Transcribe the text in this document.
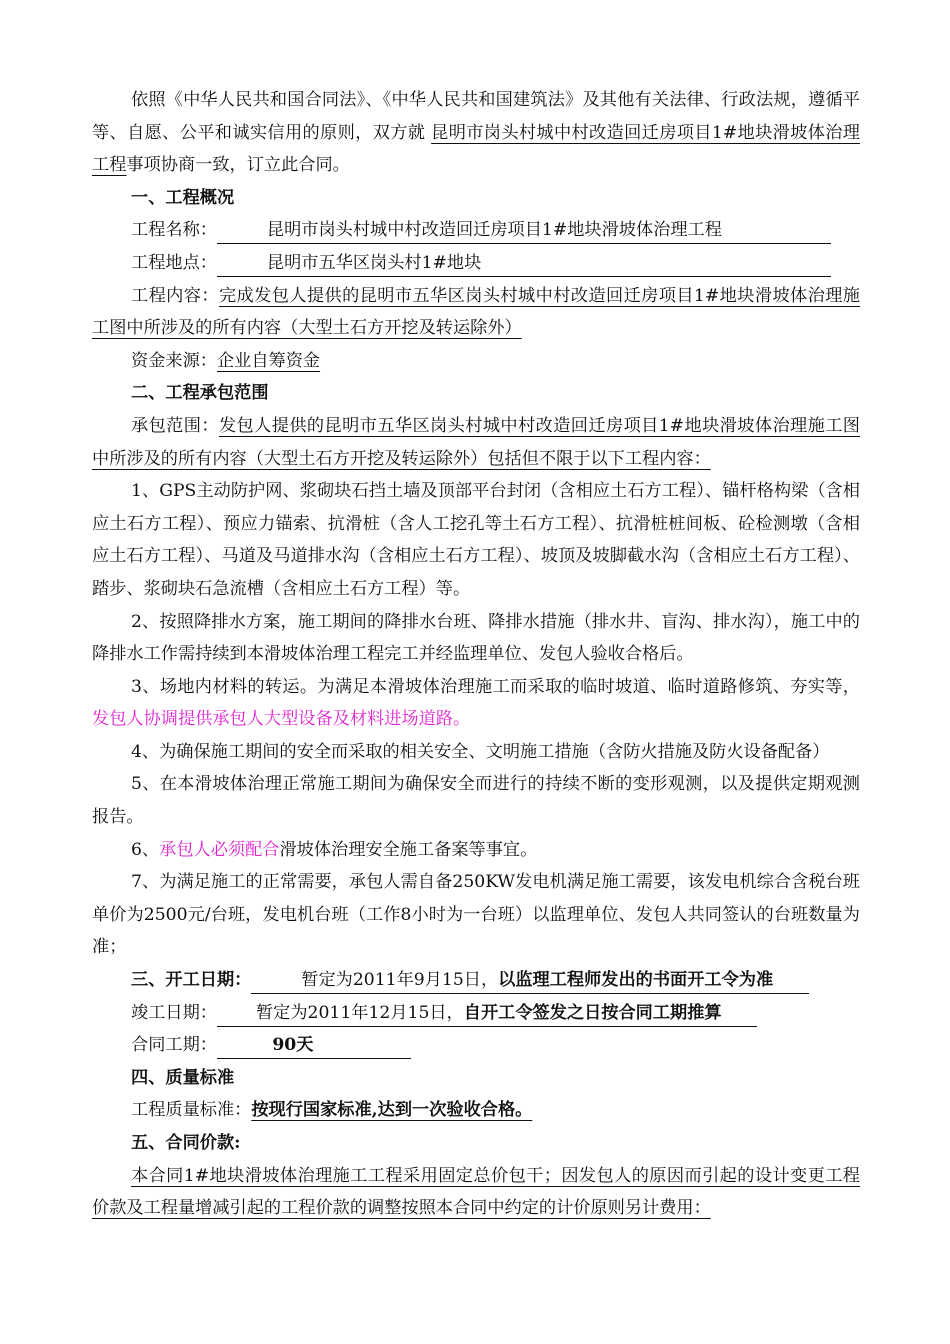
依照《中华人民共和国合同法》、《中华人民共和国建筑法》及其他有关法律、行政法规，遵循平等、自愿、公平和诚实信用的原则，双方就 昆明市岗头村城中村改造回迁房项目1#地块滑坡体治理工程事项协商一致，订立此合同。

一、工程概况

工程名称：	昆明市岗头村城中村改造回迁房项目1#地块滑坡体治理工程

工程地点：	昆明市五华区岗头村1#地块

工程内容：完成发包人提供的昆明市五华区岗头村城中村改造回迁房项目1#地块滑坡体治理施工图中所涉及的所有内容（大型土石方开挖及转运除外）

资金来源：企业自筹资金

二、工程承包范围

承包范围：发包人提供的昆明市五华区岗头村城中村改造回迁房项目1#地块滑坡体治理施工图中所涉及的所有内容（大型土石方开挖及转运除外）包括但不限于以下工程内容：

1、GPS主动防护网、浆砌块石挡土墙及顶部平台封闭（含相应土石方工程）、锚杆格构梁（含相应土石方工程）、预应力锚索、抗滑桩（含人工挖孔等土石方工程）、抗滑桩桩间板、砼检测墩（含相应土石方工程）、马道及马道排水沟（含相应土石方工程）、坡顶及坡脚截水沟（含相应土石方工程）、踏步、浆砌块石急流槽（含相应土石方工程）等。

2、按照降排水方案，施工期间的降排水台班、降排水措施（排水井、盲沟、排水沟），施工中的降排水工作需持续到本滑坡体治理工程完工并经监理单位、发包人验收合格后。

3、场地内材料的转运。为满足本滑坡体治理施工而采取的临时坡道、临时道路修筑、夯实等，发包人协调提供承包人大型设备及材料进场道路。

4、为确保施工期间的安全而采取的相关安全、文明施工措施（含防火措施及防火设备配备）

5、在本滑坡体治理正常施工期间为确保安全而进行的持续不断的变形观测，以及提供定期观测报告。

6、承包人必须配合滑坡体治理安全施工备案等事宜。

7、为满足施工的正常需要，承包人需自备250KW发电机满足施工需要，该发电机综合含税台班单价为2500元/台班，发电机台班（工作8小时为一台班）以监理单位、发包人共同签认的台班数量为准；

三、开工日期：	暂定为2011年9月15日，以监理工程师发出的书面开工令为准

竣工日期： 暂定为2011年12月15日，自开工令签发之日按合同工期推算

合同工期：	90天

四、质量标准

工程质量标准：按现行国家标准,达到一次验收合格。

五、合同价款:

本合同1#地块滑坡体治理施工工程采用固定总价包干；因发包人的原因而引起的设计变更工程价款及工程量增减引起的工程价款的调整按照本合同中约定的计价原则另计费用：
